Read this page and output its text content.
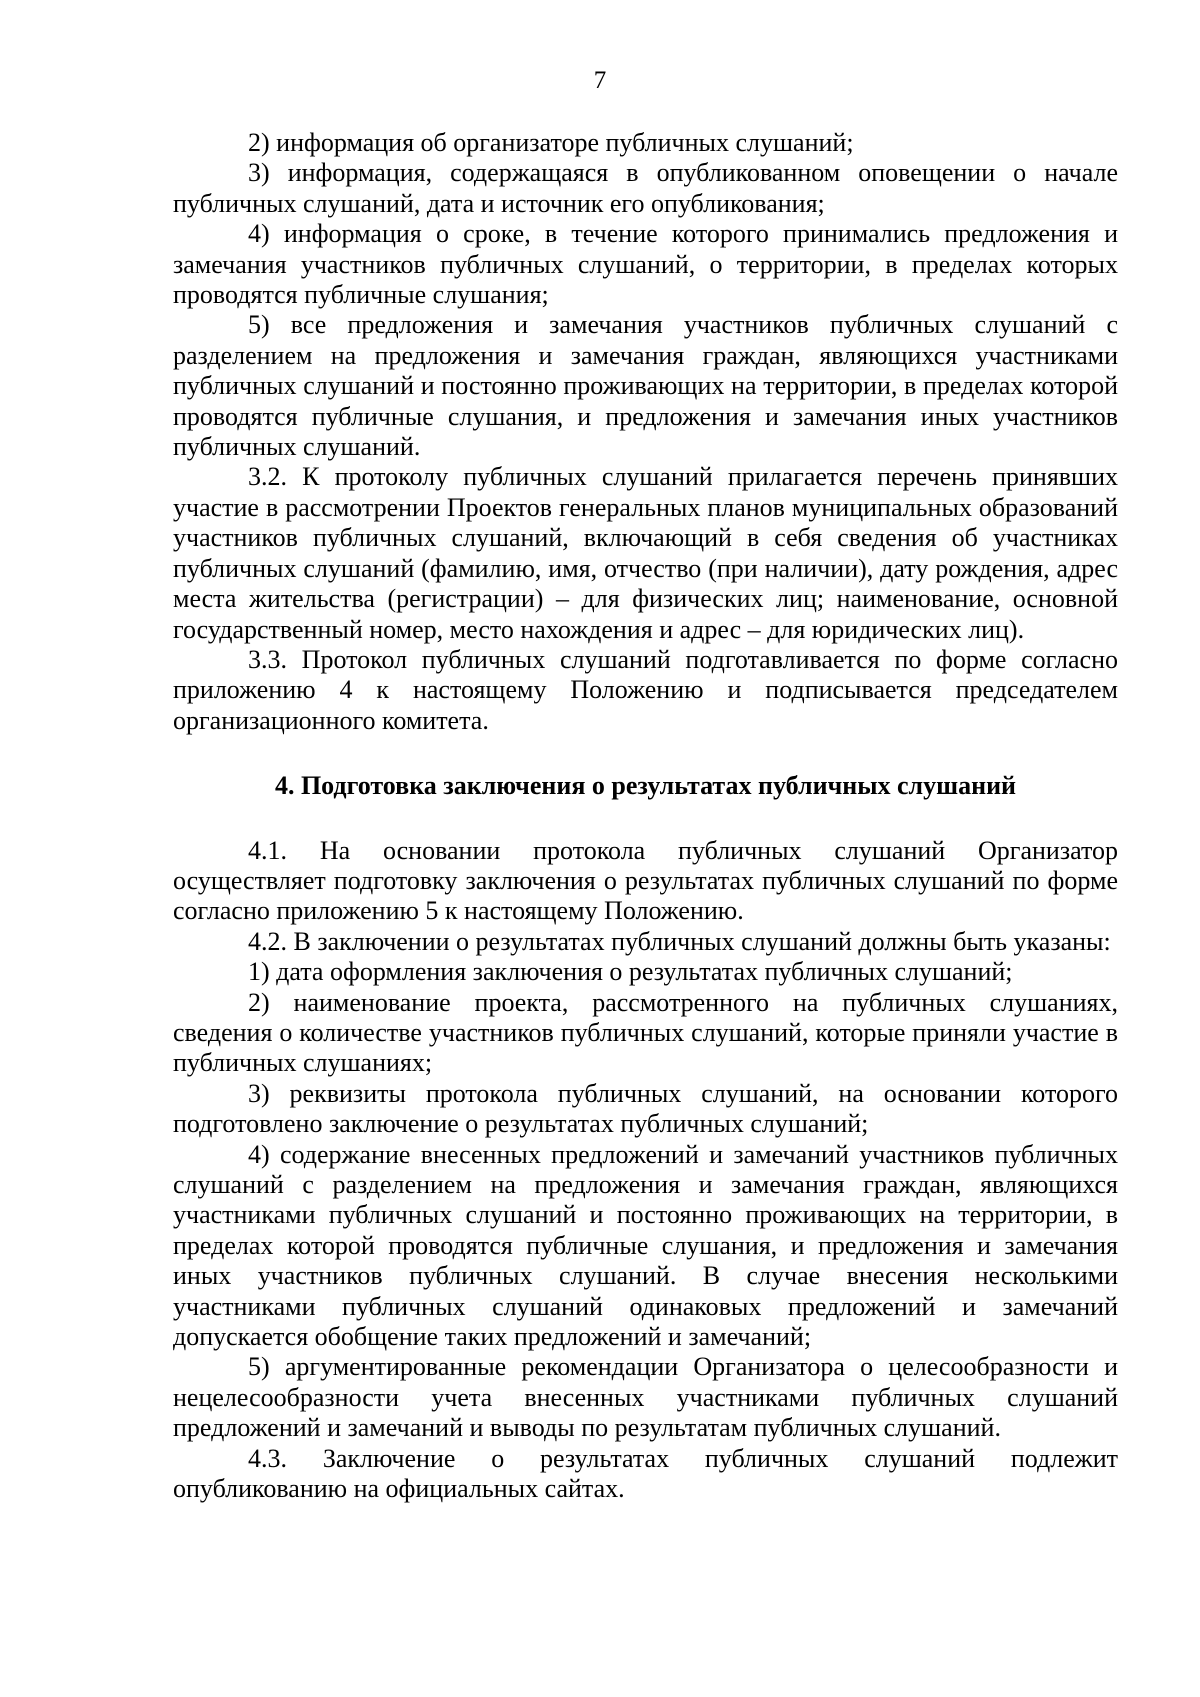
7

2) информация об организаторе публичных слушаний;

3) информация, содержащаяся в опубликованном оповещении о начале публичных слушаний, дата и источник его опубликования;

4) информация о сроке, в течение которого принимались предложения и замечания участников публичных слушаний, о территории, в пределах которых проводятся публичные слушания;

5) все предложения и замечания участников публичных слушаний с разделением на предложения и замечания граждан, являющихся участниками публичных слушаний и постоянно проживающих на территории, в пределах которой проводятся публичные слушания, и предложения и замечания иных участников публичных слушаний.

3.2. К протоколу публичных слушаний прилагается перечень принявших участие в рассмотрении Проектов генеральных планов муниципальных образований участников публичных слушаний, включающий в себя сведения об участниках публичных слушаний (фамилию, имя, отчество (при наличии), дату рождения, адрес места жительства (регистрации) – для физических лиц; наименование, основной государственный номер, место нахождения и адрес – для юридических лиц).

3.3. Протокол публичных слушаний подготавливается по форме согласно приложению 4 к настоящему Положению и подписывается председателем организационного комитета.

4. Подготовка заключения о результатах публичных слушаний

4.1. На основании протокола публичных слушаний Организатор осуществляет подготовку заключения о результатах публичных слушаний по форме согласно приложению 5 к настоящему Положению.

4.2. В заключении о результатах публичных слушаний должны быть указаны:

1) дата оформления заключения о результатах публичных слушаний;

2) наименование проекта, рассмотренного на публичных слушаниях, сведения о количестве участников публичных слушаний, которые приняли участие в публичных слушаниях;

3) реквизиты протокола публичных слушаний, на основании которого подготовлено заключение о результатах публичных слушаний;

4) содержание внесенных предложений и замечаний участников публичных слушаний с разделением на предложения и замечания граждан, являющихся участниками публичных слушаний и постоянно проживающих на территории, в пределах которой проводятся публичные слушания, и предложения и замечания иных участников публичных слушаний. В случае внесения несколькими участниками публичных слушаний одинаковых предложений и замечаний допускается обобщение таких предложений и замечаний;

5) аргументированные рекомендации Организатора о целесообразности и нецелесообразности учета внесенных участниками публичных слушаний предложений и замечаний и выводы по результатам публичных слушаний.

4.3. Заключение о результатах публичных слушаний подлежит опубликованию на официальных сайтах.
